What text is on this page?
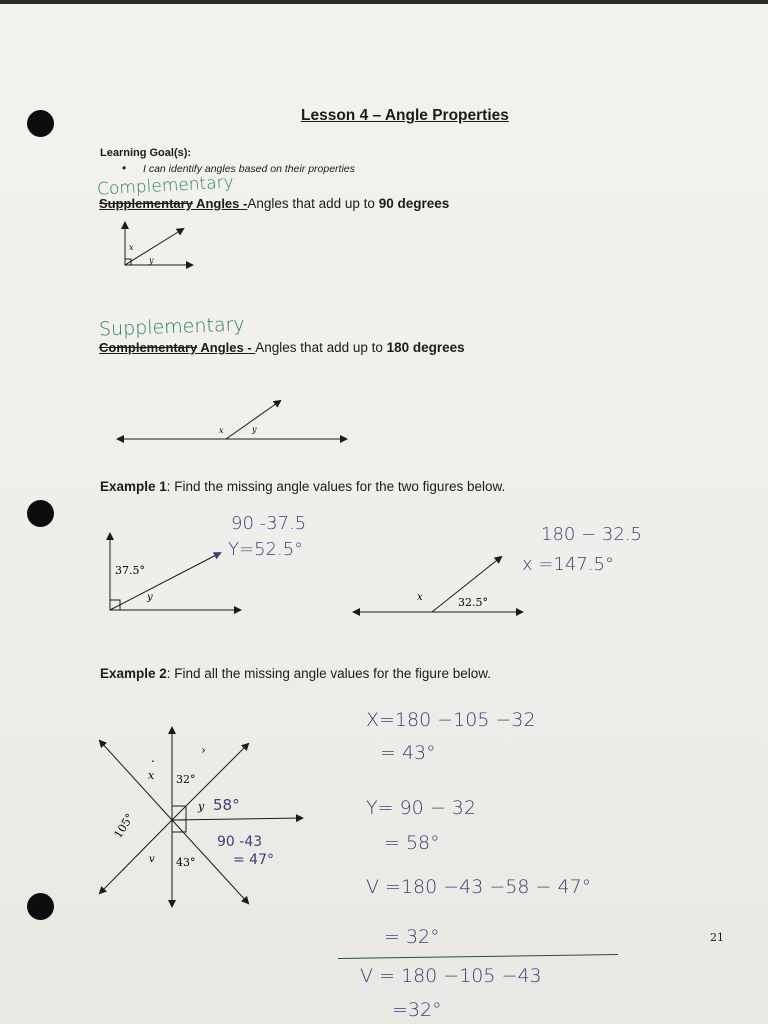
Lesson 4 – Angle Properties
Learning Goal(s):
• I can identify angles based on their properties
Complementary
Supplementary Angles -Angles that add up to 90 degrees
Supplementary
Complementary Angles - Angles that add up to 180 degrees
Example 1: Find the missing angle values for the two figures below.
90 -37.5
Y=52.5°
180 − 32.5
x =147.5°
Example 2: Find all the missing angle values for the figure below.
X=180 −105 −32
= 43°
Y= 90 − 32
= 58°
V =180 −43 −58 − 47°
= 32°
V = 180 −105 −43
=32°
21
x
y
x	y
37.5°
y	x	32.5°
x 32°
y
v 43°
105°
.
›
58°
90 -43
= 47°
